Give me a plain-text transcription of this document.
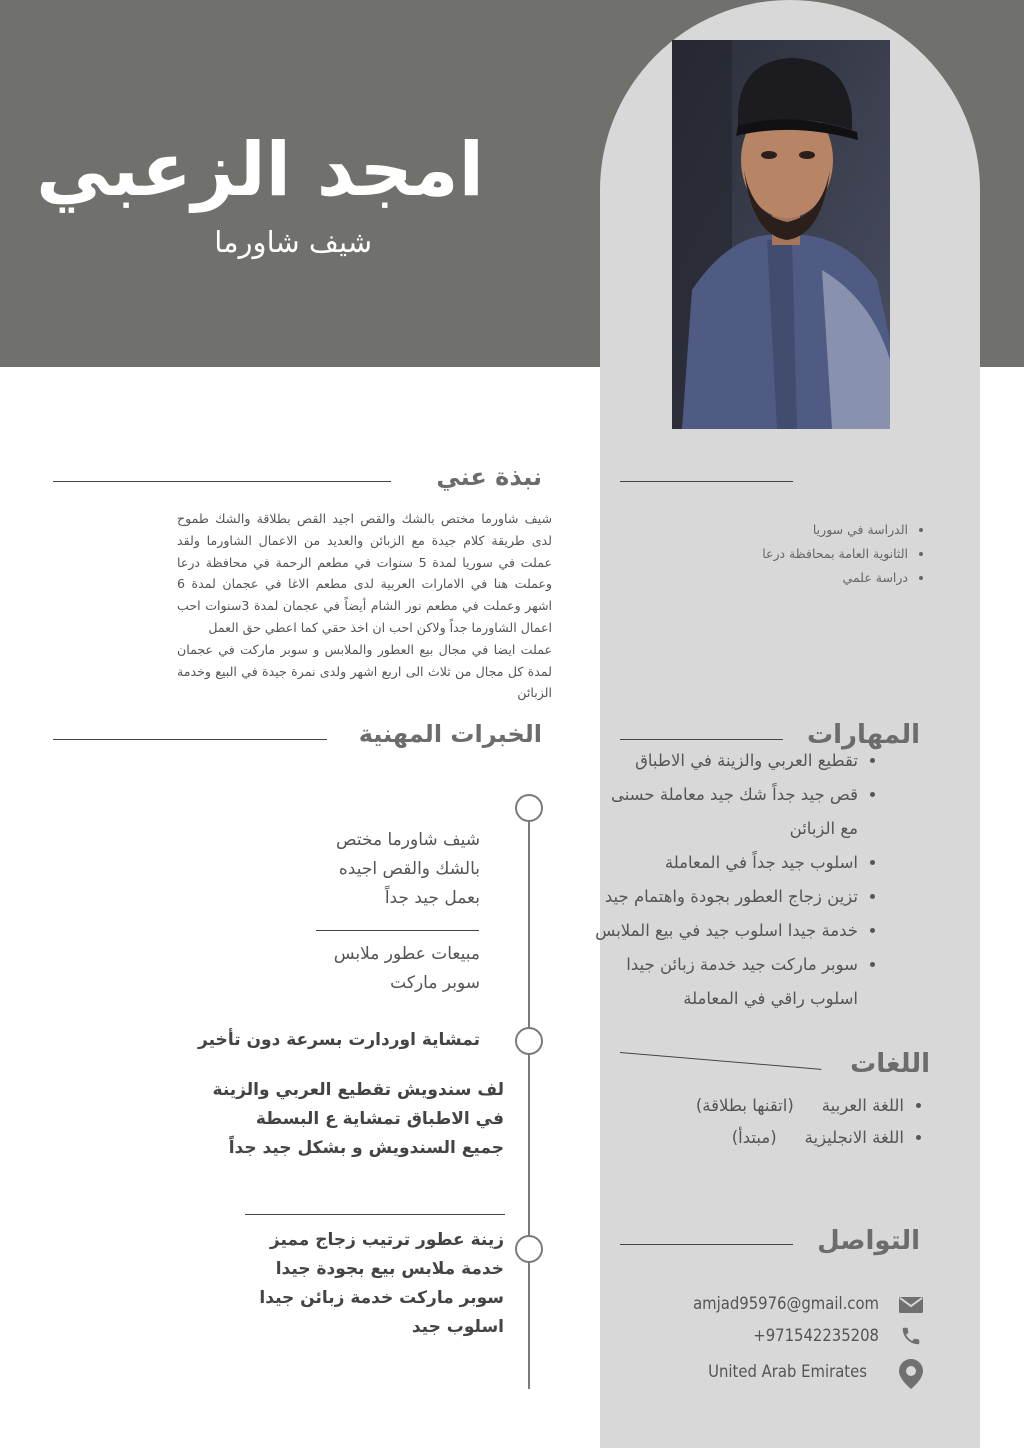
امجد الزعبي
شيف شاورما
نبذة عني

شيف شاورما مختص بالشك والقص اجيد القص بطلاقة والشك طموح لدى طريقة كلام جيدة مع الزبائن والعديد من الاعمال الشاورما ولقد عملت في سوريا لمدة 5 سنوات في مطعم الرحمة في محافظة درعا وعملت هنا في الامارات العربية لدى مطعم الاغا في عجمان لمدة 6 اشهر وعملت في مطعم نور الشام أيضاً في عجمان لمدة 3سنوات احب اعمال الشاورما جداً ولاكن احب ان اخذ حقي كما اعطي حق العمل

عملت ايضا في مجال بيع العطور والملابس و سوبر ماركت في عجمان لمدة كل مجال من ثلاث الى اربع اشهر ولدى نمرة جيدة في البيع وخدمة الزبائن

• الدراسة في سوريا
• الثانوية العامة بمحافظة درعا
• دراسة علمي
الخبرات المهنية
شيف شاورما مختص
بالشك والقص اجيده
بعمل جيد جداً
مبيعات عطور ملابس
سوبر ماركت
تمشاية اوردارت بسرعة دون تأخير
لف سندويش تقطيع العربي والزينة
في الاطباق تمشاية ع البسطة
جميع السندويش و بشكل جيد جداً
زينة عطور ترتيب زجاج مميز
خدمة ملابس بيع بجودة جيدا
سوبر ماركت خدمة زبائن جيدا
اسلوب جيد
المهارات
• تقطيع العربي والزينة في الاطباق
• قص جيد جداً شك جيد معاملة حسنى مع الزبائن
• اسلوب جيد جداً في المعاملة
• تزين زجاج العطور بجودة واهتمام جيد
• خدمة جيدا اسلوب جيد في بيع الملابس
• سوبر ماركت جيد خدمة زبائن جيدا اسلوب راقي في المعاملة
اللغات
• اللغة العربية(اتقنها بطلاقة)
• اللغة الانجليزية(مبتدأ)
التواصل
amjad95976@gmail.com
+971542235208
United Arab Emirates
